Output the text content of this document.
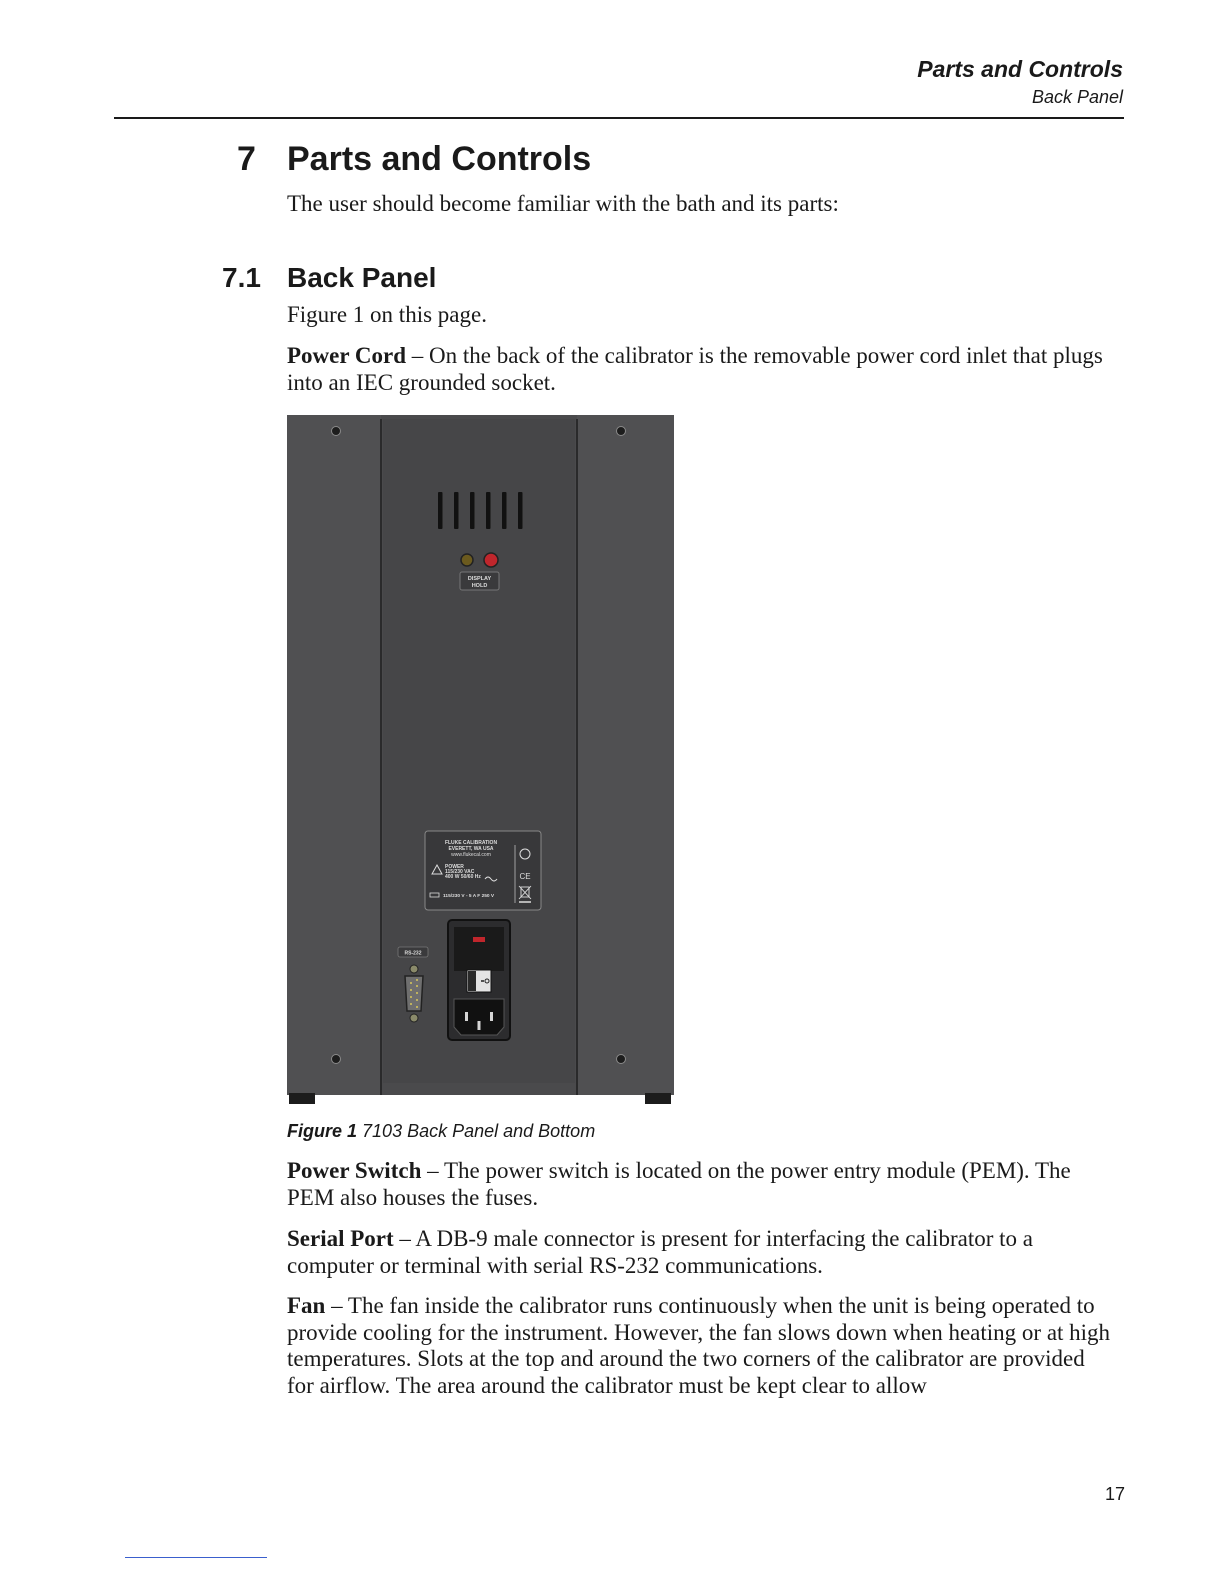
Parts and Controls
Back Panel
7 Parts and Controls
The user should become familiar with the bath and its parts:
7.1 Back Panel
Figure 1 on this page.
Power Cord – On the back of the calibrator is the removable power cord inlet that plugs into an IEC grounded socket.
DISPLAY
HOLD
FLUKE CALIBRATION
EVERETT, WA USA
www.flukecal.com
POWER
115/230 VAC
400 W 50/60 Hz
115/230 V - 5 A F 250 V
CE
RS-232
Figure 1 7103 Back Panel and Bottom
Power Switch – The power switch is located on the power entry module (PEM). The PEM also houses the fuses.
Serial Port – A DB-9 male connector is present for interfacing the calibrator to a computer or terminal with serial RS-232 communications.
Fan – The fan inside the calibrator runs continuously when the unit is being operated to provide cooling for the instrument. However, the fan slows down when heating or at high temperatures. Slots at the top and around the two corners of the calibrator are provided for airflow. The area around the calibrator must be kept clear to allow
17
